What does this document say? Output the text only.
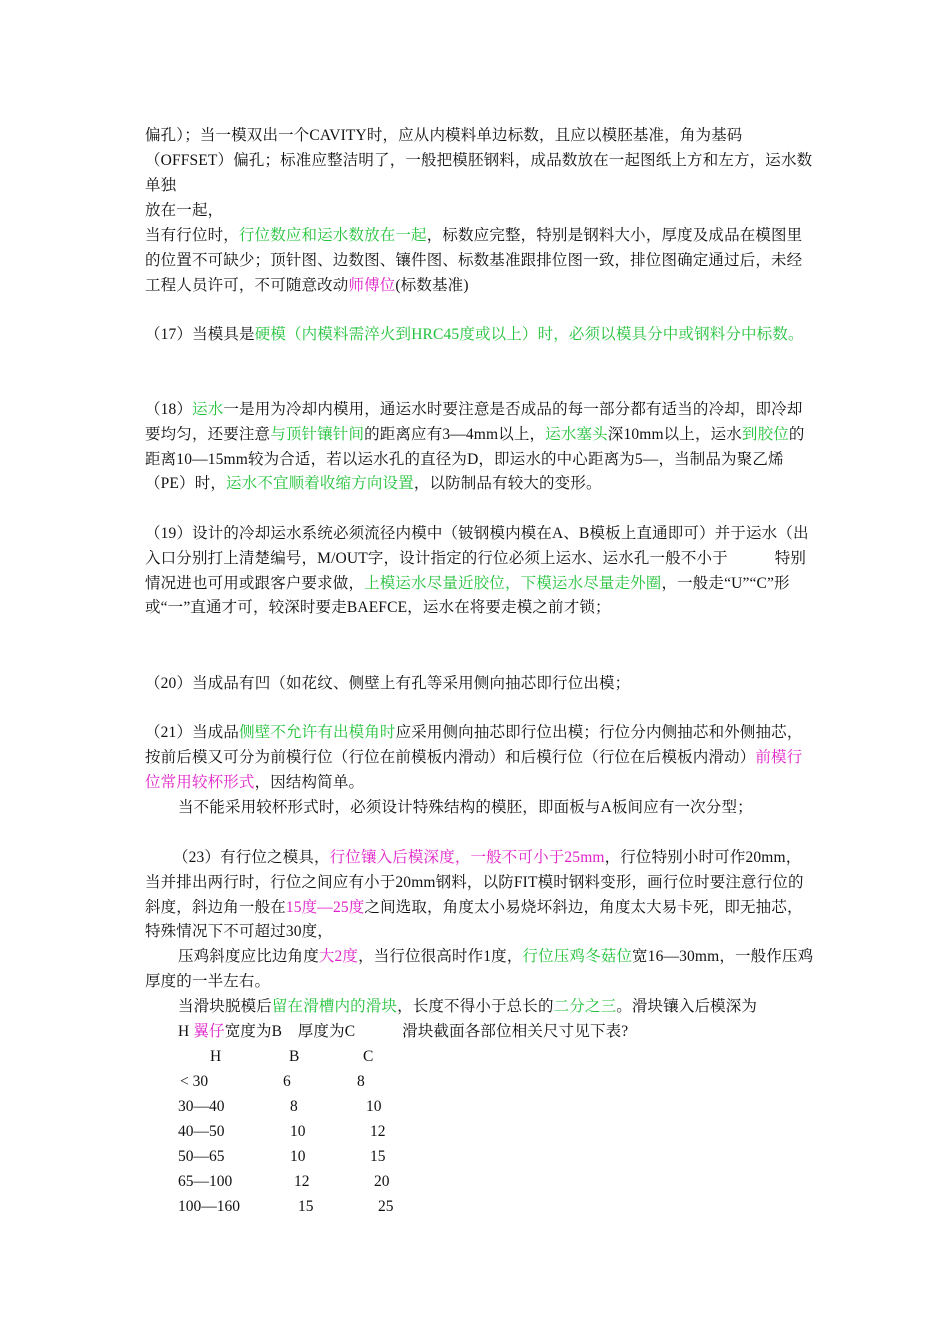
偏孔）；当一模双出一个CAVITY时，应从内模料单边标数，且应以模胚基准，角为基码（OFFSET）偏孔；标准应整洁明了，一般把模胚钢料，成品数放在一起图纸上方和左方，运水数单独
放在一起，
当有行位时，行位数应和运水数放在一起，标数应完整，特别是钢料大小，厚度及成品在模图里的位置不可缺少；顶针图、边数图、镶件图、标数基准跟排位图一致，排位图确定通过后，未经工程人员许可，不可随意改动师傅位(标数基准)
（17）当模具是硬模（内模料需淬火到HRC45度或以上）时，必须以模具分中或钢料分中标数。
（18）运水一是用为冷却内模用，通运水时要注意是否成品的每一部分都有适当的冷却，即冷却要均匀，还要注意与顶针镶针间的距离应有3—4mm以上，运水塞头深10mm以上，运水到胶位的距离10—15mm较为合适，若以运水孔的直径为D，即运水的中心距离为5—，当制品为聚乙烯（PE）时，运水不宜顺着收缩方向设置，以防制品有较大的变形。
（19）设计的冷却运水系统必须流径内模中（铍钢模内模在A、B模板上直通即可）并于运水（出入口分别打上清楚编号，M/OUT字，设计指定的行位必须上运水、运水孔一般不小于　　　特别情况进也可用或跟客户要求做，上模运水尽量近胶位，下模运水尽量走外圈，一般走“U”“C”形或“一”直通才可，较深时要走BAEFCE，运水在将要走模之前才锁；
（20）当成品有凹（如花纹、侧壁上有孔等采用侧向抽芯即行位出模；
（21）当成品侧壁不允许有出模角时应采用侧向抽芯即行位出模；行位分内侧抽芯和外侧抽芯，按前后模又可分为前模行位（行位在前模板内滑动）和后模行位（行位在后模板内滑动）前模行位常用较杯形式，因结构简单。
当不能采用较杯形式时，必须设计特殊结构的模胚，即面板与A板间应有一次分型；
（23）有行位之模具，行位镶入后模深度，一般不可小于25mm，行位特别小时可作20mm，当并排出两行时，行位之间应有小于20mm钢料，以防FIT模时钢料变形，画行位时要注意行位的斜度，斜边角一般在15度—25度之间选取，角度太小易烧坏斜边，角度太大易卡死，即无抽芯，特殊情况下不可超过30度，
压鸡斜度应比边角度大2度，当行位很高时作1度，行位压鸡冬菇位宽16—30mm，一般作压鸡厚度的一半左右。
当滑块脱模后留在滑槽内的滑块，长度不得小于总长的二分之三。滑块镶入后模深为
H 翼仔宽度为B　厚度为C　　　滑块截面各部位相关尺寸见下表?
H	B	C
< 30	6	8
30—40	8	10
40—50	10	12
50—65	10	15
65—100	12	20
100—160	15	25
